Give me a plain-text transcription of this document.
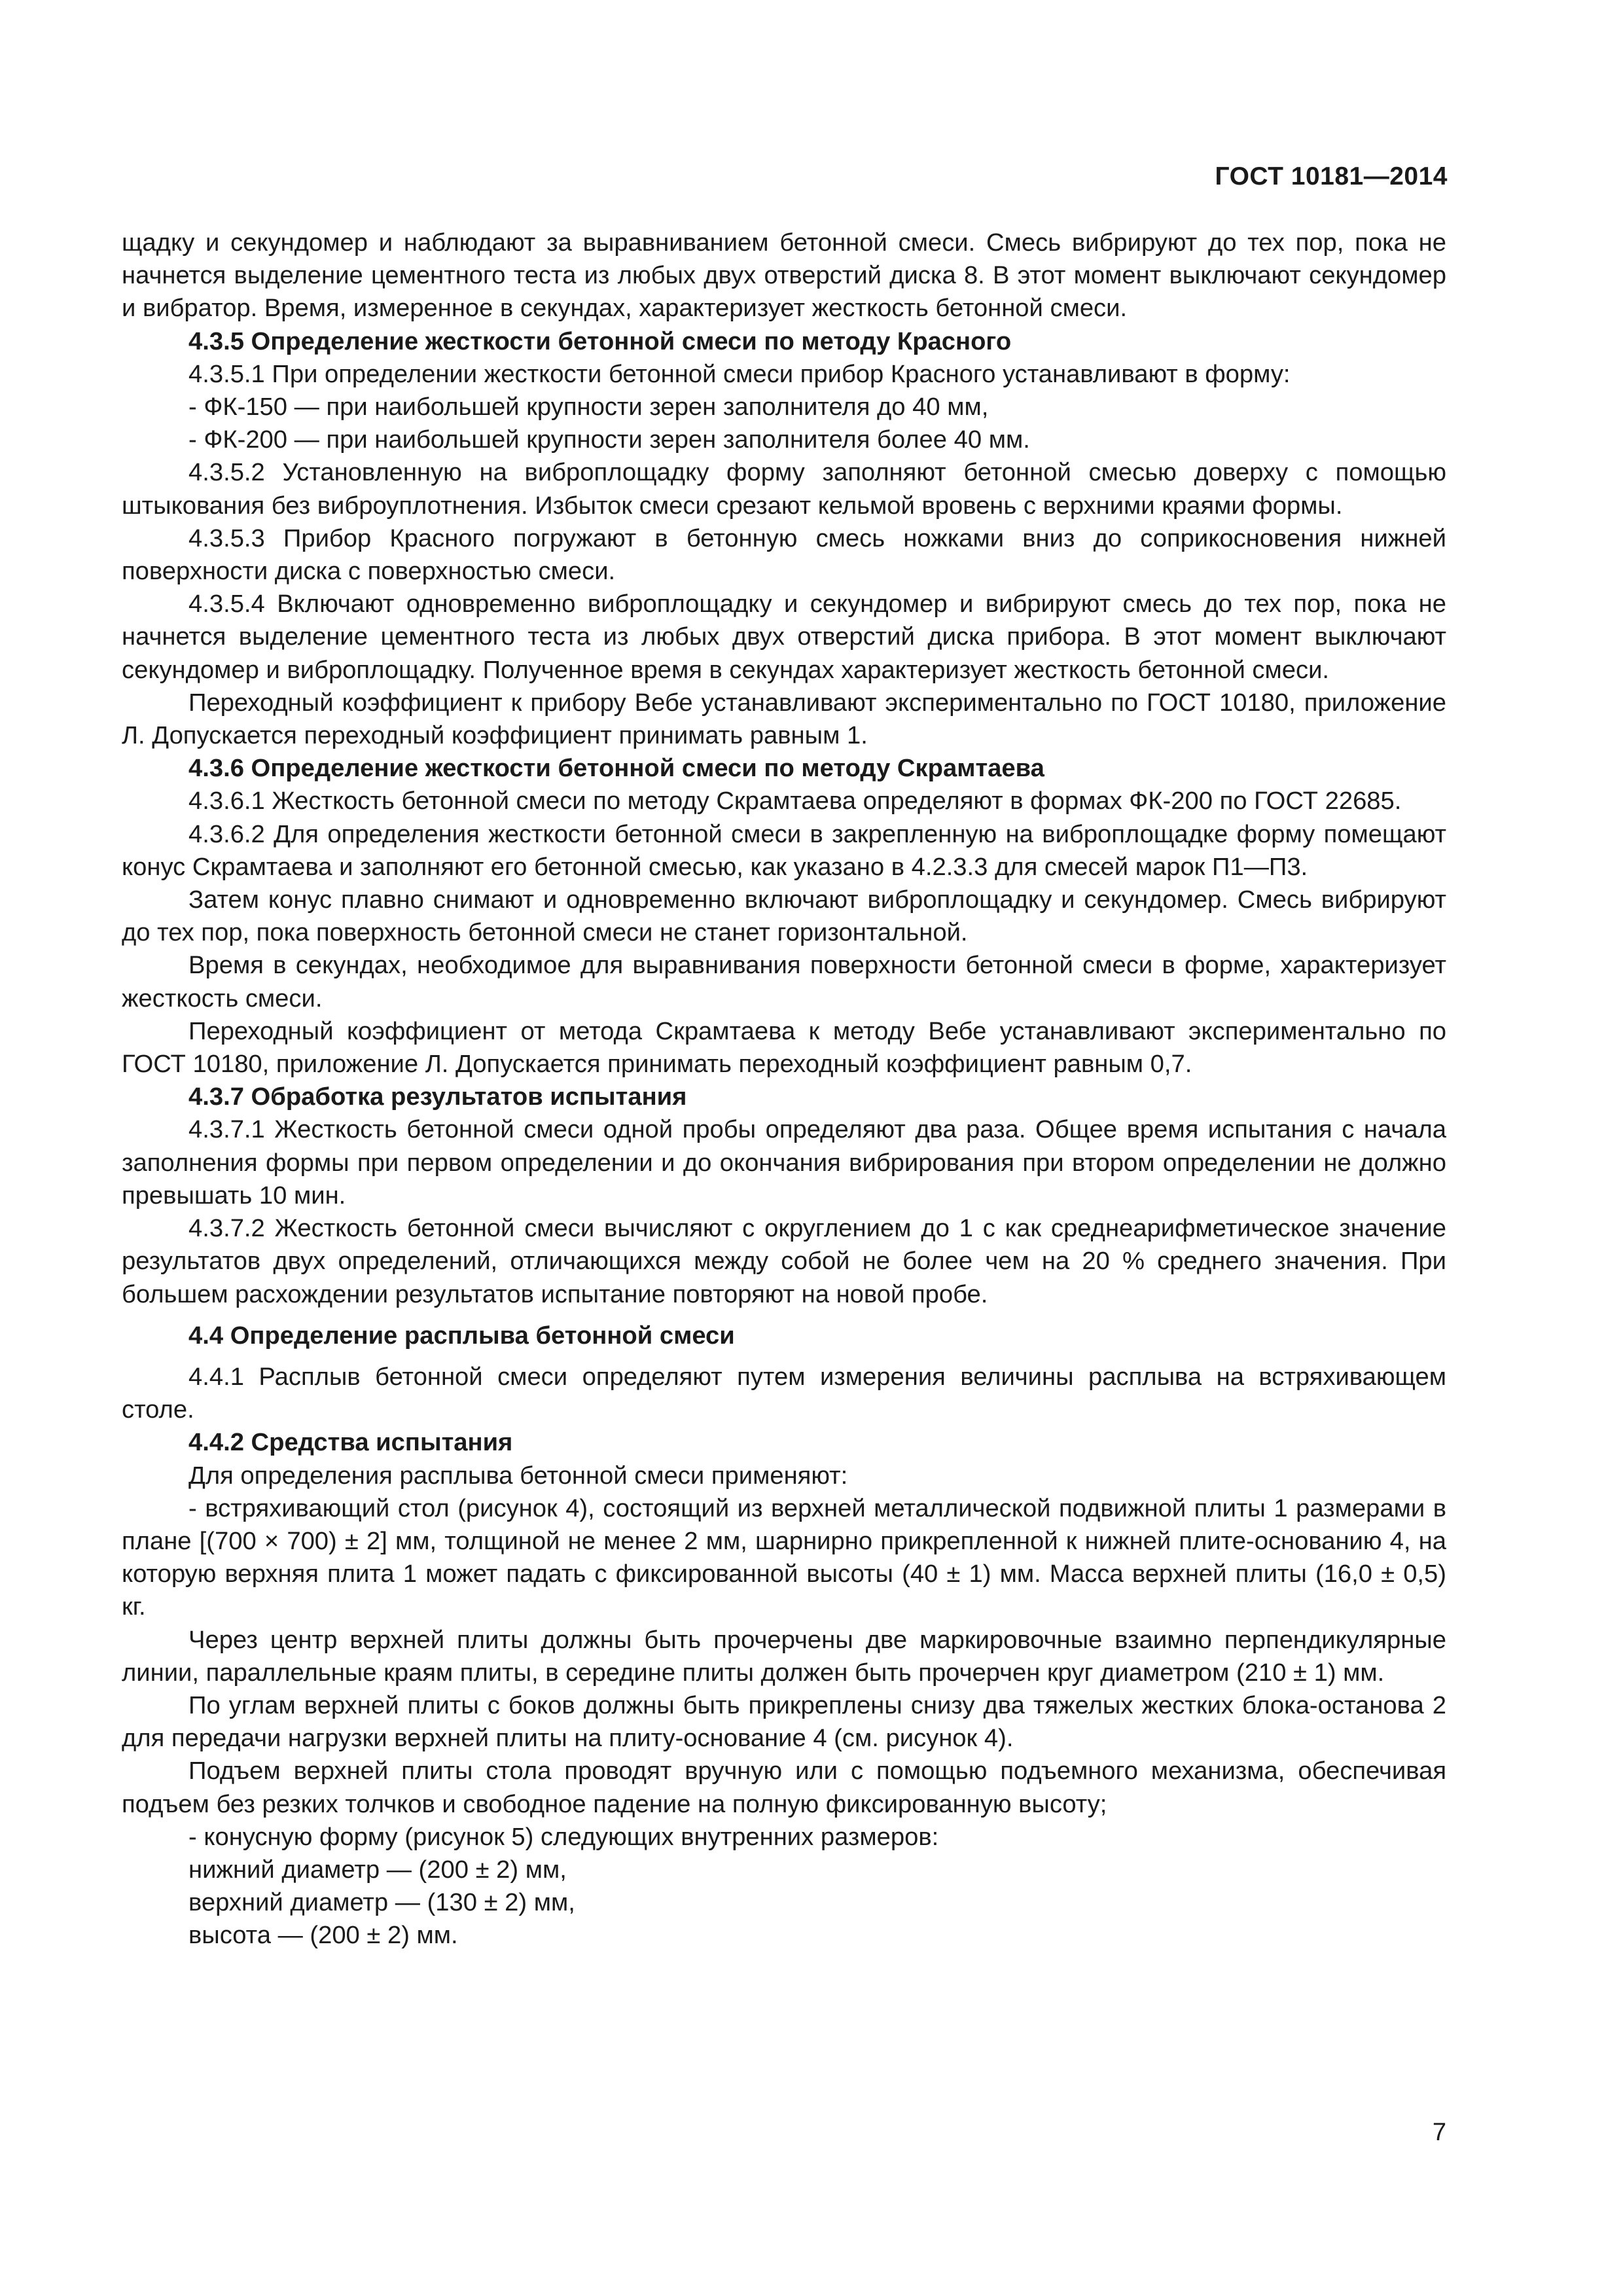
ГОСТ 10181—2014
щадку и секундомер и наблюдают за выравниванием бетонной смеси. Смесь вибрируют до тех пор, пока не начнется выделение цементного теста из любых двух отверстий диска 8. В этот момент выключают секундомер и вибратор. Время, измеренное в секундах, характеризует жесткость бетонной смеси.
4.3.5 Определение жесткости бетонной смеси по методу Красного
4.3.5.1 При определении жесткости бетонной смеси прибор Красного устанавливают в форму:
- ФК-150 — при наибольшей крупности зерен заполнителя до 40 мм,
- ФК-200 — при наибольшей крупности зерен заполнителя более 40 мм.
4.3.5.2 Установленную на виброплощадку форму заполняют бетонной смесью доверху с помощью штыкования без виброуплотнения. Избыток смеси срезают кельмой вровень с верхними краями формы.
4.3.5.3 Прибор Красного погружают в бетонную смесь ножками вниз до соприкосновения нижней поверхности диска с поверхностью смеси.
4.3.5.4 Включают одновременно виброплощадку и секундомер и вибрируют смесь до тех пор, пока не начнется выделение цементного теста из любых двух отверстий диска прибора. В этот момент выключают секундомер и виброплощадку. Полученное время в секундах характеризует жесткость бетонной смеси.
Переходный коэффициент к прибору Вебе устанавливают экспериментально по ГОСТ 10180, приложение Л. Допускается переходный коэффициент принимать равным 1.
4.3.6 Определение жесткости бетонной смеси по методу Скрамтаева
4.3.6.1 Жесткость бетонной смеси по методу Скрамтаева определяют в формах ФК-200 по ГОСТ 22685.
4.3.6.2 Для определения жесткости бетонной смеси в закрепленную на виброплощадке форму помещают конус Скрамтаева и заполняют его бетонной смесью, как указано в 4.2.3.3 для смесей марок П1—П3.
Затем конус плавно снимают и одновременно включают виброплощадку и секундомер. Смесь вибрируют до тех пор, пока поверхность бетонной смеси не станет горизонтальной.
Время в секундах, необходимое для выравнивания поверхности бетонной смеси в форме, характеризует жесткость смеси.
Переходный коэффициент от метода Скрамтаева к методу Вебе устанавливают экспериментально по ГОСТ 10180, приложение Л. Допускается принимать переходный коэффициент равным 0,7.
4.3.7 Обработка результатов испытания
4.3.7.1 Жесткость бетонной смеси одной пробы определяют два раза. Общее время испытания с начала заполнения формы при первом определении и до окончания вибрирования при втором определении не должно превышать 10 мин.
4.3.7.2 Жесткость бетонной смеси вычисляют с округлением до 1 с как среднеарифметическое значение результатов двух определений, отличающихся между собой не более чем на 20 % среднего значения. При большем расхождении результатов испытание повторяют на новой пробе.
4.4 Определение расплыва бетонной смеси
4.4.1 Расплыв бетонной смеси определяют путем измерения величины расплыва на встряхивающем столе.
4.4.2 Средства испытания
Для определения расплыва бетонной смеси применяют:
- встряхивающий стол (рисунок 4), состоящий из верхней металлической подвижной плиты 1 размерами в плане [(700 × 700) ± 2] мм, толщиной не менее 2 мм, шарнирно прикрепленной к нижней плите-основанию 4, на которую верхняя плита 1 может падать с фиксированной высоты (40 ± 1) мм. Масса верхней плиты (16,0 ± 0,5) кг.
Через центр верхней плиты должны быть прочерчены две маркировочные взаимно перпендикулярные линии, параллельные краям плиты, в середине плиты должен быть прочерчен круг диаметром (210 ± 1) мм.
По углам верхней плиты с боков должны быть прикреплены снизу два тяжелых жестких блока-останова 2 для передачи нагрузки верхней плиты на плиту-основание 4 (см. рисунок 4).
Подъем верхней плиты стола проводят вручную или с помощью подъемного механизма, обеспечивая подъем без резких толчков и свободное падение на полную фиксированную высоту;
- конусную форму (рисунок 5) следующих внутренних размеров:
нижний диаметр — (200 ± 2) мм,
верхний диаметр — (130 ± 2) мм,
высота — (200 ± 2) мм.
7
